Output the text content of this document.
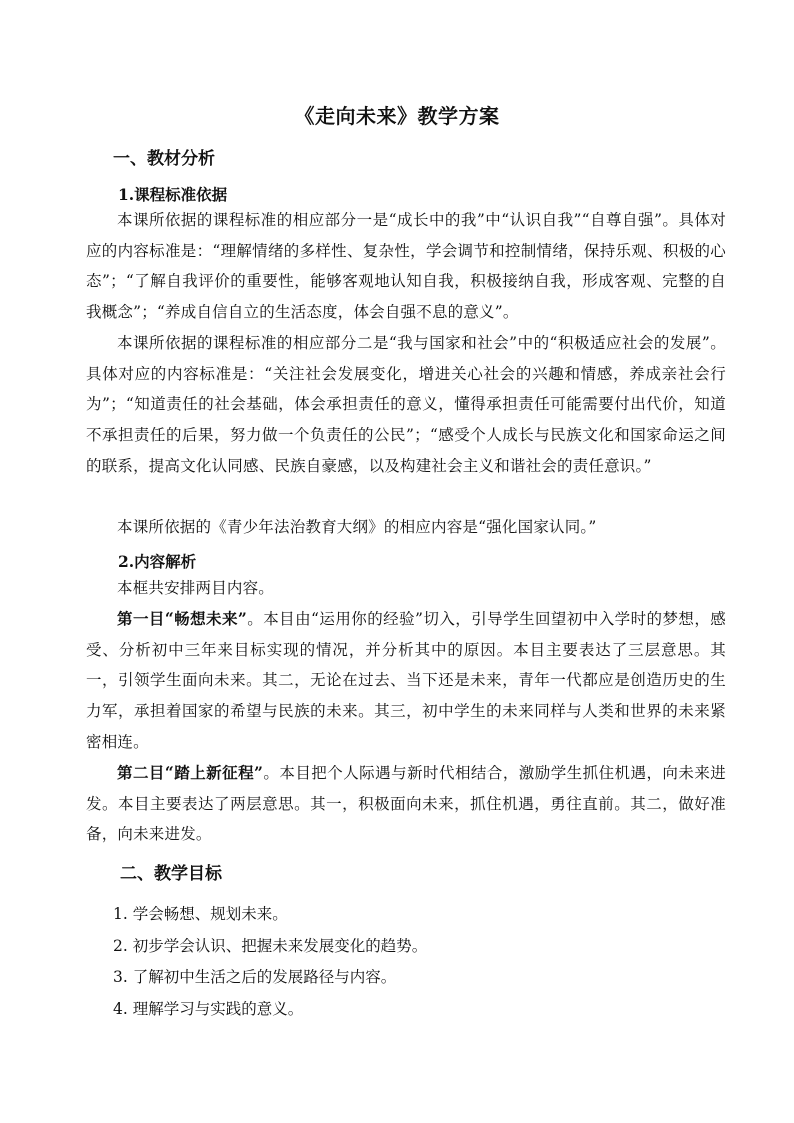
《走向未来》教学方案
一、教材分析
1.课程标准依据
本课所依据的课程标准的相应部分一是“成长中的我”中“认识自我”“自尊自强”。具体对应的内容标准是：“理解情绪的多样性、复杂性，学会调节和控制情绪，保持乐观、积极的心态”；“了解自我评价的重要性，能够客观地认知自我，积极接纳自我，形成客观、完整的自我概念”；“养成自信自立的生活态度，体会自强不息的意义”。
本课所依据的课程标准的相应部分二是“我与国家和社会”中的“积极适应社会的发展”。具体对应的内容标准是：“关注社会发展变化，增进关心社会的兴趣和情感，养成亲社会行为”；“知道责任的社会基础，体会承担责任的意义，懂得承担责任可能需要付出代价，知道不承担责任的后果，努力做一个负责任的公民”；“感受个人成长与民族文化和国家命运之间的联系，提高文化认同感、民族自豪感，以及构建社会主义和谐社会的责任意识。”
本课所依据的《青少年法治教育大纲》的相应内容是“强化国家认同。”
2.内容解析
本框共安排两目内容。
第一目“畅想未来”。本目由“运用你的经验”切入，引导学生回望初中入学时的梦想，感受、分析初中三年来目标实现的情况，并分析其中的原因。本目主要表达了三层意思。其一，引领学生面向未来。其二，无论在过去、当下还是未来，青年一代都应是创造历史的生力军，承担着国家的希望与民族的未来。其三，初中学生的未来同样与人类和世界的未来紧密相连。
第二目“踏上新征程”。本目把个人际遇与新时代相结合，激励学生抓住机遇，向未来进发。本目主要表达了两层意思。其一，积极面向未来，抓住机遇，勇往直前。其二，做好准备，向未来进发。
二、教学目标
1. 学会畅想、规划未来。
2. 初步学会认识、把握未来发展变化的趋势。
3. 了解初中生活之后的发展路径与内容。
4. 理解学习与实践的意义。
